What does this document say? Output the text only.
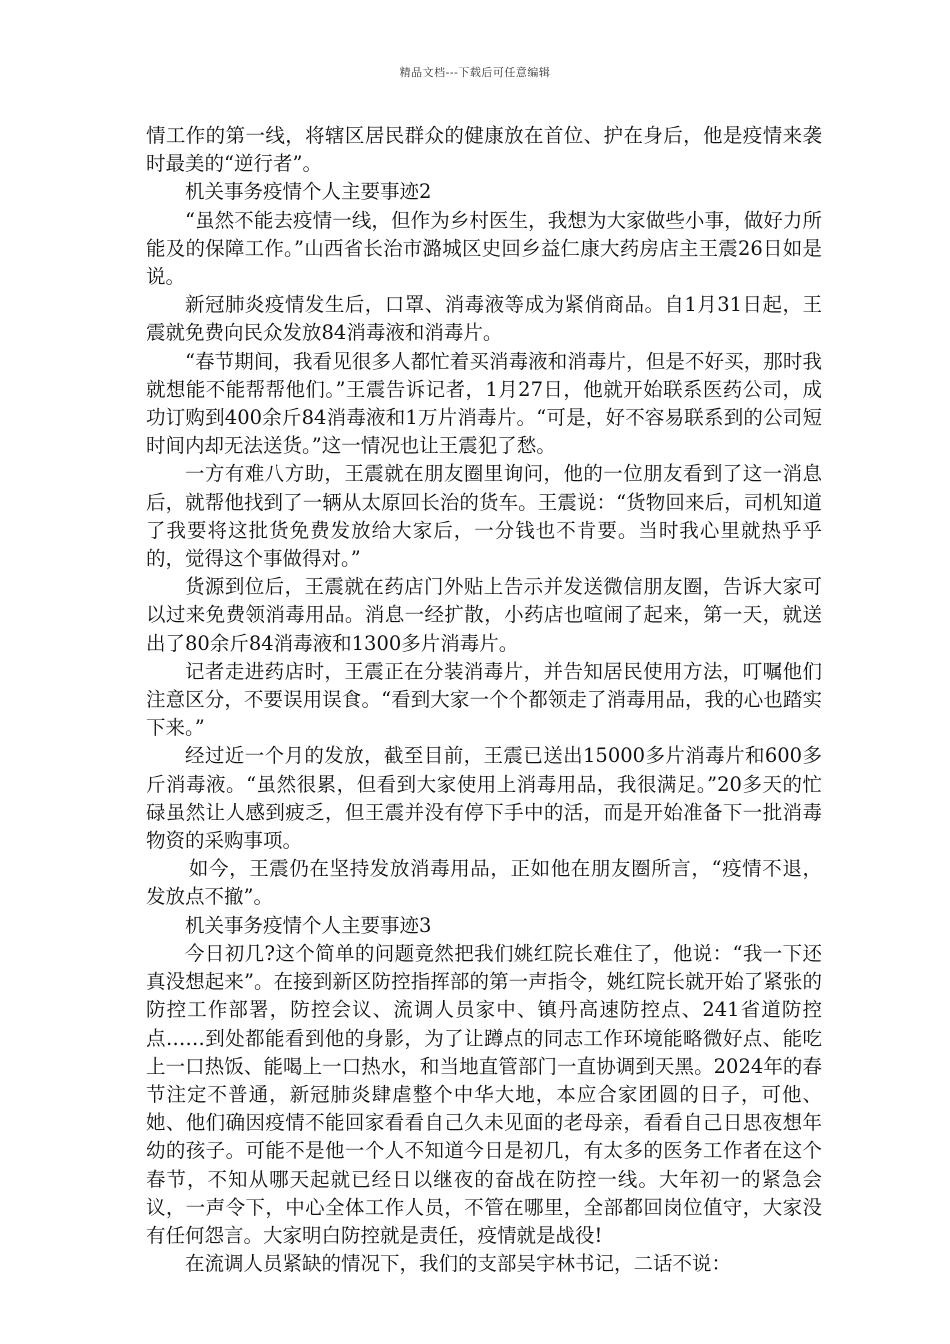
精品文档---下载后可任意编辑

情工作的第一线，将辖区居民群众的健康放在首位、护在身后，他是疫情来袭时最美的“逆行者”。

机关事务疫情个人主要事迹2

“虽然不能去疫情一线，但作为乡村医生，我想为大家做些小事，做好力所能及的保障工作。”山西省长治市潞城区史回乡益仁康大药房店主王震26日如是说。

新冠肺炎疫情发生后，口罩、消毒液等成为紧俏商品。自1月31日起，王震就免费向民众发放84消毒液和消毒片。

“春节期间，我看见很多人都忙着买消毒液和消毒片，但是不好买，那时我就想能不能帮帮他们。”王震告诉记者，1月27日，他就开始联系医药公司，成功订购到400余斤84消毒液和1万片消毒片。“可是，好不容易联系到的公司短时间内却无法送货。”这一情况也让王震犯了愁。

一方有难八方助，王震就在朋友圈里询问，他的一位朋友看到了这一消息后，就帮他找到了一辆从太原回长治的货车。王震说：“货物回来后，司机知道了我要将这批货免费发放给大家后，一分钱也不肯要。当时我心里就热乎乎的，觉得这个事做得对。”

货源到位后，王震就在药店门外贴上告示并发送微信朋友圈，告诉大家可以过来免费领消毒用品。消息一经扩散，小药店也喧闹了起来，第一天，就送出了80余斤84消毒液和1300多片消毒片。

记者走进药店时，王震正在分装消毒片，并告知居民使用方法，叮嘱他们注意区分，不要误用误食。“看到大家一个个都领走了消毒用品，我的心也踏实下来。”

经过近一个月的发放，截至目前，王震已送出15000多片消毒片和600多斤消毒液。“虽然很累，但看到大家使用上消毒用品，我很满足。”20多天的忙碌虽然让人感到疲乏，但王震并没有停下手中的活，而是开始准备下一批消毒物资的采购事项。

如今，王震仍在坚持发放消毒用品，正如他在朋友圈所言，“疫情不退，发放点不撤”。

机关事务疫情个人主要事迹3

今日初几?这个简单的问题竟然把我们姚红院长难住了，他说：“我一下还真没想起来”。在接到新区防控指挥部的第一声指令，姚红院长就开始了紧张的防控工作部署，防控会议、流调人员家中、镇丹高速防控点、241省道防控点……到处都能看到他的身影，为了让蹲点的同志工作环境能略微好点、能吃上一口热饭、能喝上一口热水，和当地直管部门一直协调到天黑。2024年的春节注定不普通，新冠肺炎肆虐整个中华大地，本应合家团圆的日子，可他、她、他们确因疫情不能回家看看自己久未见面的老母亲，看看自己日思夜想年幼的孩子。可能不是他一个人不知道今日是初几，有太多的医务工作者在这个春节，不知从哪天起就已经日以继夜的奋战在防控一线。大年初一的紧急会议，一声令下，中心全体工作人员，不管在哪里，全部都回岗位值守，大家没有任何怨言。大家明白防控就是责任，疫情就是战役!

在流调人员紧缺的情况下，我们的支部吴宇林书记，二话不说：
